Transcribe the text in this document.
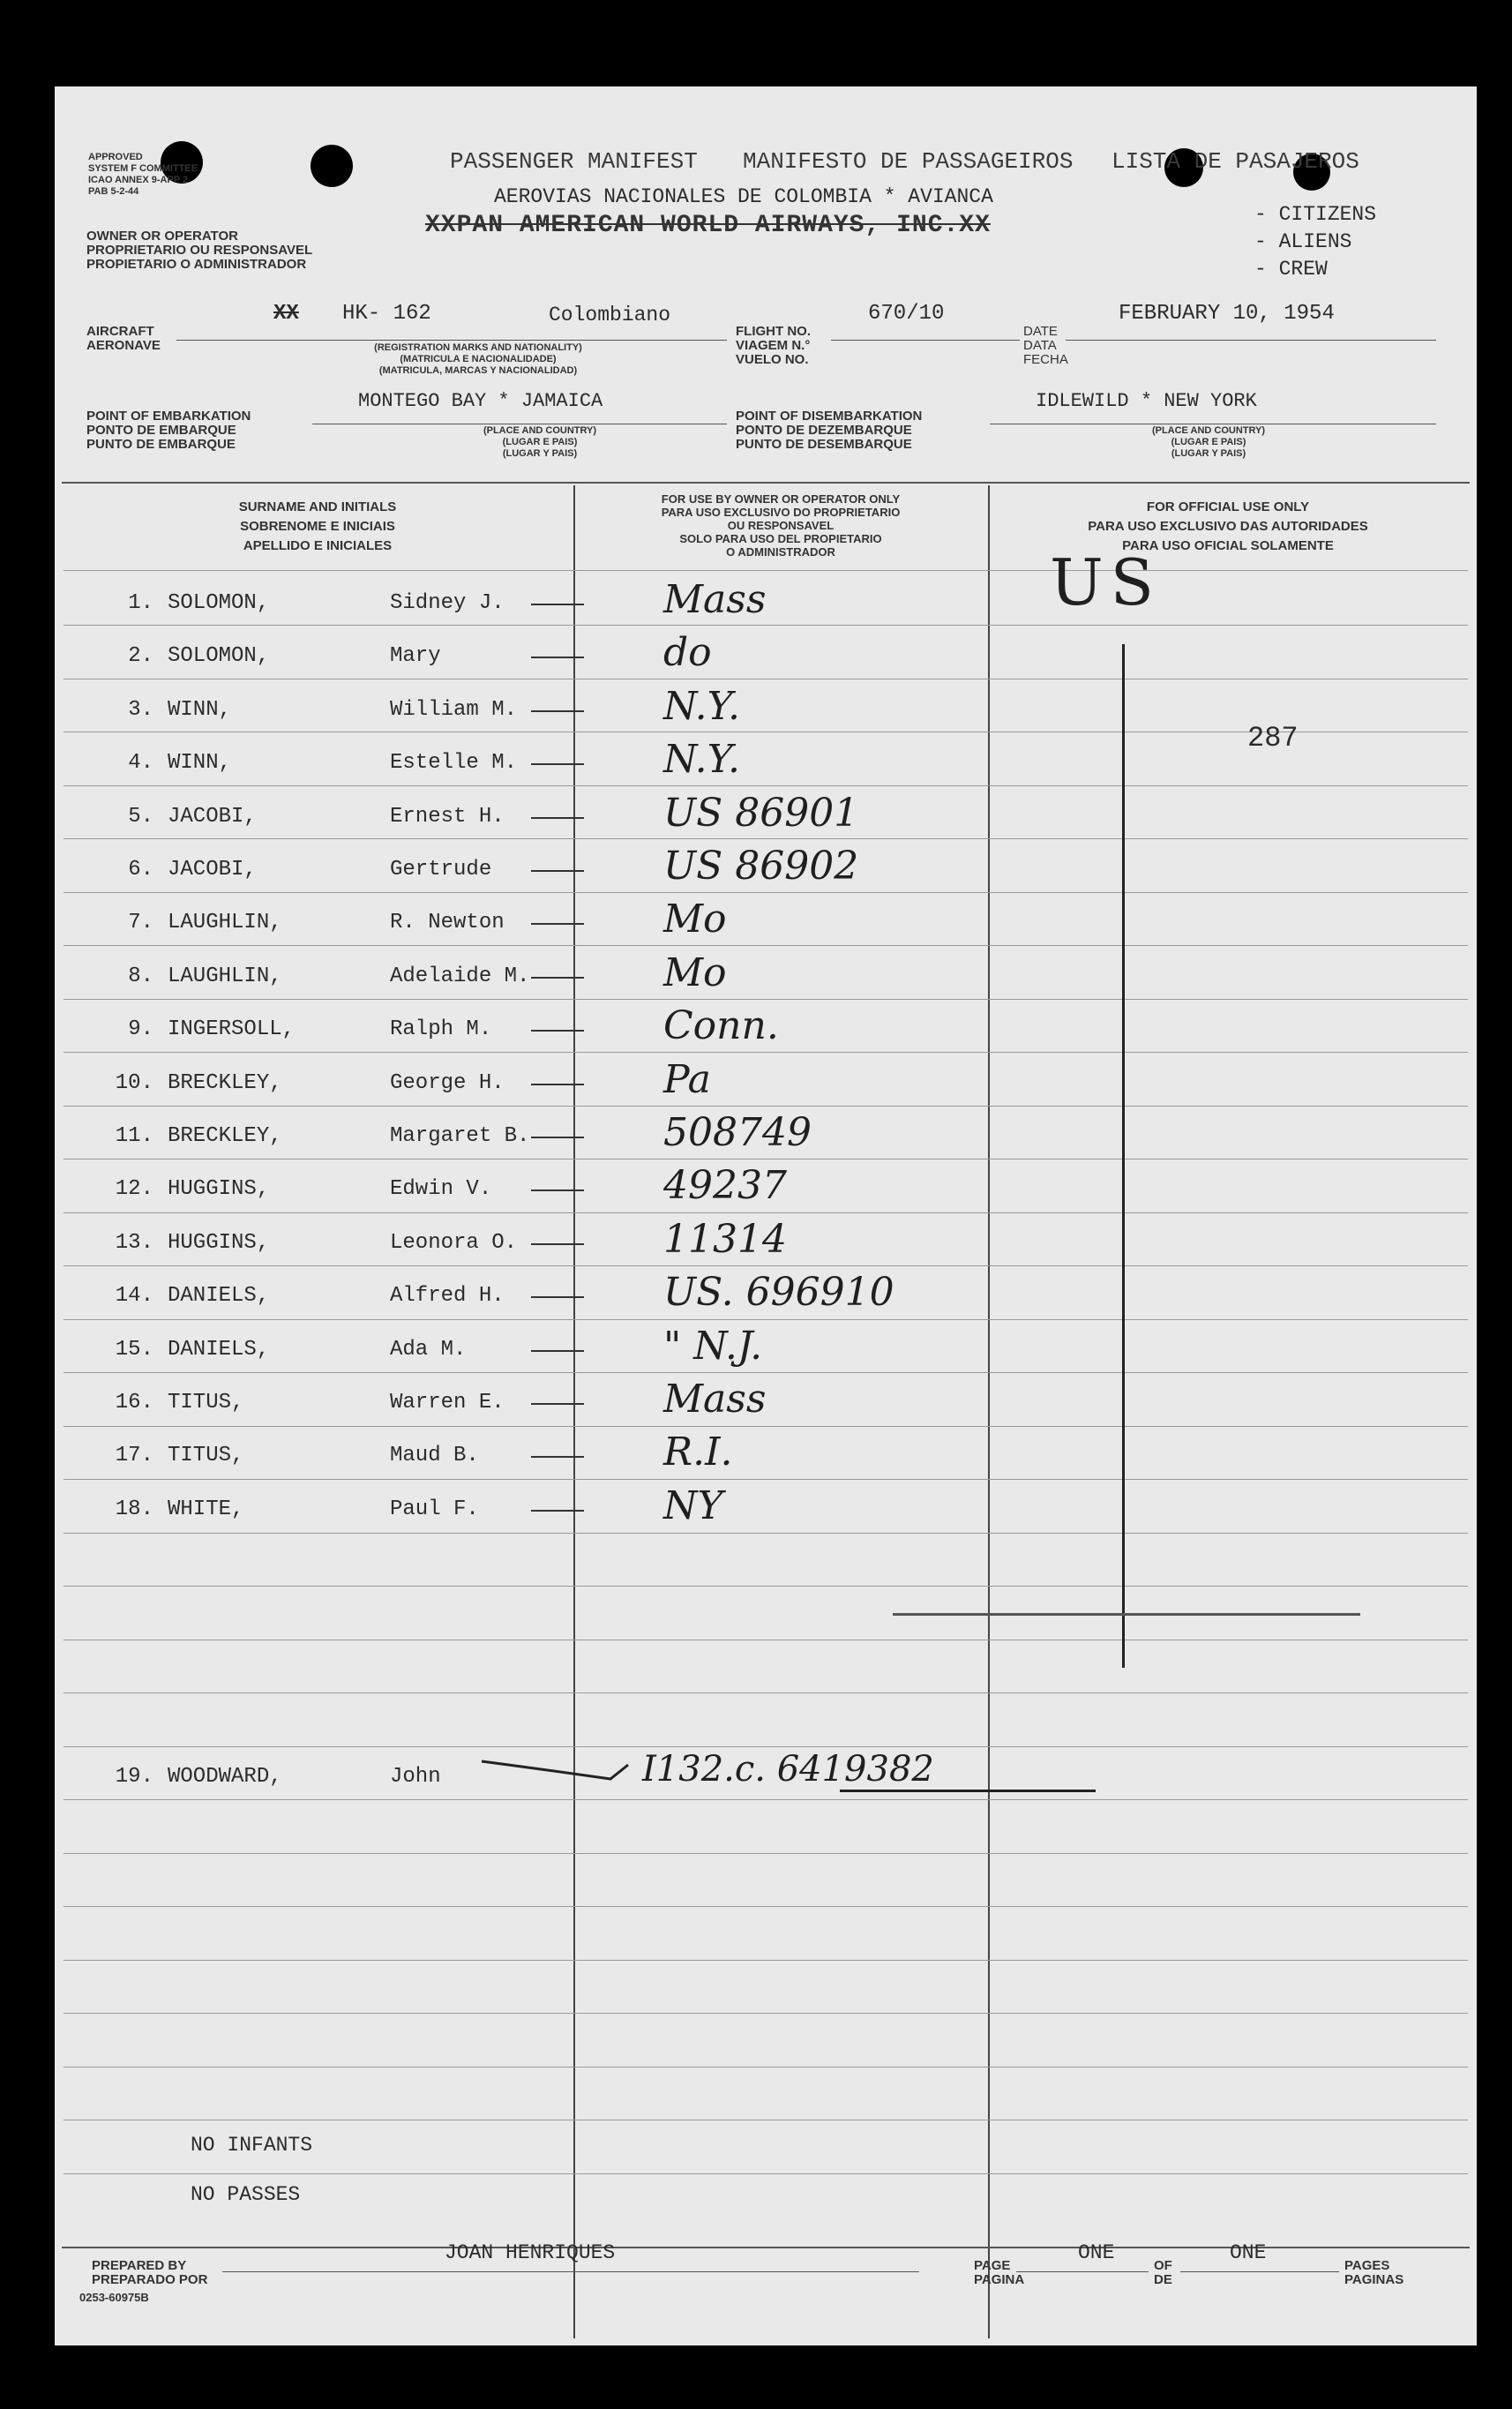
APPROVED
SYSTEM F COMMITTEE
ICAO ANNEX 9-APP 2
PAB 5-2-44
PASSENGER MANIFEST MANIFESTO DE PASSAGEIROS LISTA DE PASAJEROS
AEROVIAS NACIONALES DE COLOMBIA * AVIANCA
XXPAN AMERICAN WORLD AIRWAYS, INC.XX
OWNER OR OPERATOR
PROPRIETARIO OU RESPONSAVEL
PROPIETARIO O ADMINISTRADOR
- CITIZENS
- ALIENS
- CREW
AIRCRAFT
AERONAVE
XX HK- 162	Colombiano
(REGISTRATION MARKS AND NATIONALITY)
(MATRICULA E NACIONALIDADE)
(MATRICULA, MARCAS Y NACIONALIDAD)
FLIGHT NO.
VIAGEM N.°
VUELO NO.
670/10
DATE
DATA
FECHA
FEBRUARY 10, 1954
POINT OF EMBARKATION
PONTO DE EMBARQUE
PUNTO DE EMBARQUE
MONTEGO BAY * JAMAICA
(PLACE AND COUNTRY)
(LUGAR E PAIS)
(LUGAR Y PAIS)
POINT OF DISEMBARKATION
PONTO DE DEZEMBARQUE
PUNTO DE DESEMBARQUE
IDLEWILD * NEW YORK
(PLACE AND COUNTRY)
(LUGAR E PAIS)
(LUGAR Y PAIS)
SURNAME AND INITIALS
SOBRENOME E INICIAIS
APELLIDO E INICIALES
FOR USE BY OWNER OR OPERATOR ONLY
PARA USO EXCLUSIVO DO PROPRIETARIO
OU RESPONSAVEL
SOLO PARA USO DEL PROPIETARIO
O ADMINISTRADOR
FOR OFFICIAL USE ONLY
PARA USO EXCLUSIVO DAS AUTORIDADES
PARA USO OFICIAL SOLAMENTE
1. SOLOMON,	Sidney J.	Mass
2. SOLOMON,	Mary	do
3. WINN,	William M.	N.Y.
4. WINN,	Estelle M.	N.Y.
5. JACOBI,	Ernest H.	US 86901
6. JACOBI,	Gertrude	US 86902
7. LAUGHLIN,	R. Newton	Mo
8. LAUGHLIN,	Adelaide M.	Mo
9. INGERSOLL,	Ralph M.	Conn.
10. BRECKLEY,	George H.	Pa
11. BRECKLEY,	Margaret B.	508749
12. HUGGINS,	Edwin V.	49237
13. HUGGINS,	Leonora O.	11314
14. DANIELS,	Alfred H.	US. 696910
15. DANIELS,	Ada M.	" N.J.
16. TITUS,	Warren E.	Mass
17. TITUS,	Maud B.	R.I.
18. WHITE,	Paul F.	NY
19. WOODWARD,	John	I132.c. 6419382
US
287
NO INFANTS
NO PASSES
PREPARED BY
PREPARADO POR
JOAN HENRIQUES
0253-60975B
PAGE
PAGINA
ONE
OF
DE
ONE
PAGES
PAGINAS
